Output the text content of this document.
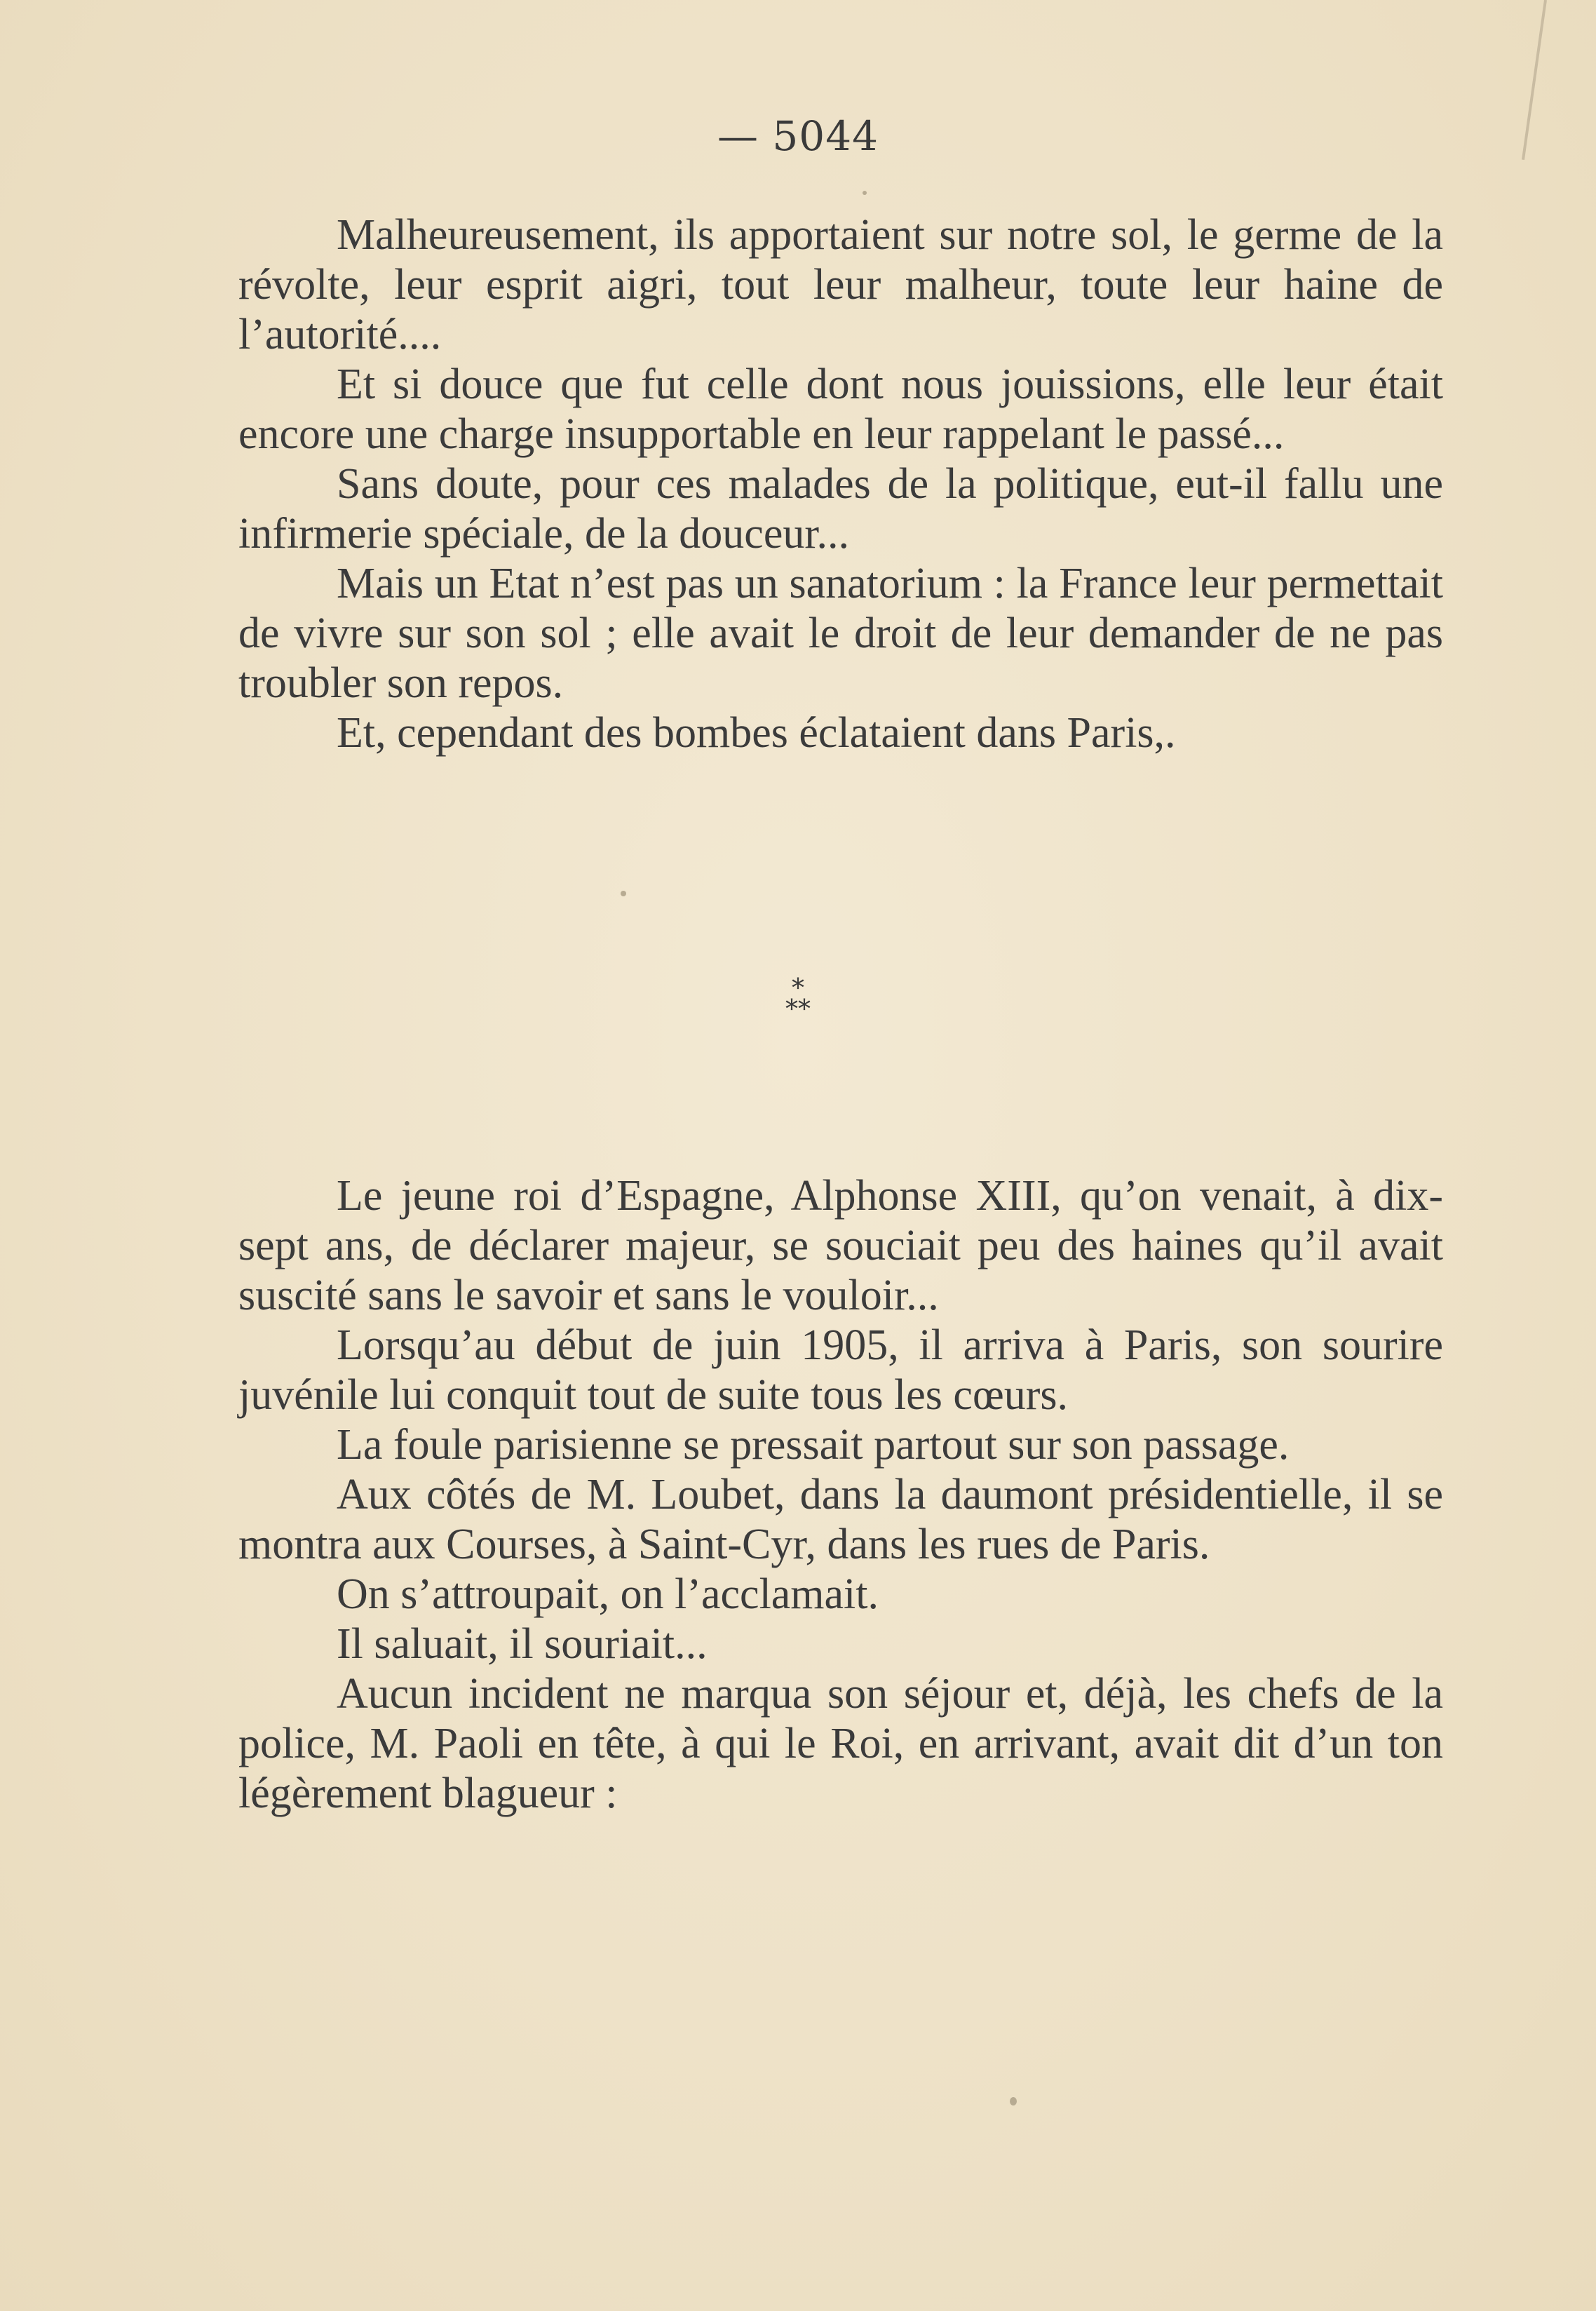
— 5044

Malheureusement, ils apportaient sur notre sol, le germe de la révolte, leur esprit aigri, tout leur malheur, toute leur haine de l’autorité....

Et si douce que fut celle dont nous jouissions, elle leur était encore une charge insupportable en leur rappelant le passé...

Sans doute, pour ces malades de la politique, eut-il fallu une infirmerie spéciale, de la douceur...

Mais un Etat n’est pas un sanatorium : la France leur permettait de vivre sur son sol ; elle avait le droit de leur demander de ne pas troubler son repos.

Et, cependant des bombes éclataient dans Paris,.

*
**

Le jeune roi d’Espagne, Alphonse XIII, qu’on venait, à dix-sept ans, de déclarer majeur, se souciait peu des haines qu’il avait suscité sans le savoir et sans le vouloir...

Lorsqu’au début de juin 1905, il arriva à Paris, son sourire juvénile lui conquit tout de suite tous les cœurs.

La foule parisienne se pressait partout sur son passage.

Aux côtés de M. Loubet, dans la daumont présidentielle, il se montra aux Courses, à Saint-Cyr, dans les rues de Paris.

On s’attroupait, on l’acclamait.

Il saluait, il souriait...

Aucun incident ne marqua son séjour et, déjà, les chefs de la police, M. Paoli en tête, à qui le Roi, en arrivant, avait dit d’un ton légèrement blagueur :
